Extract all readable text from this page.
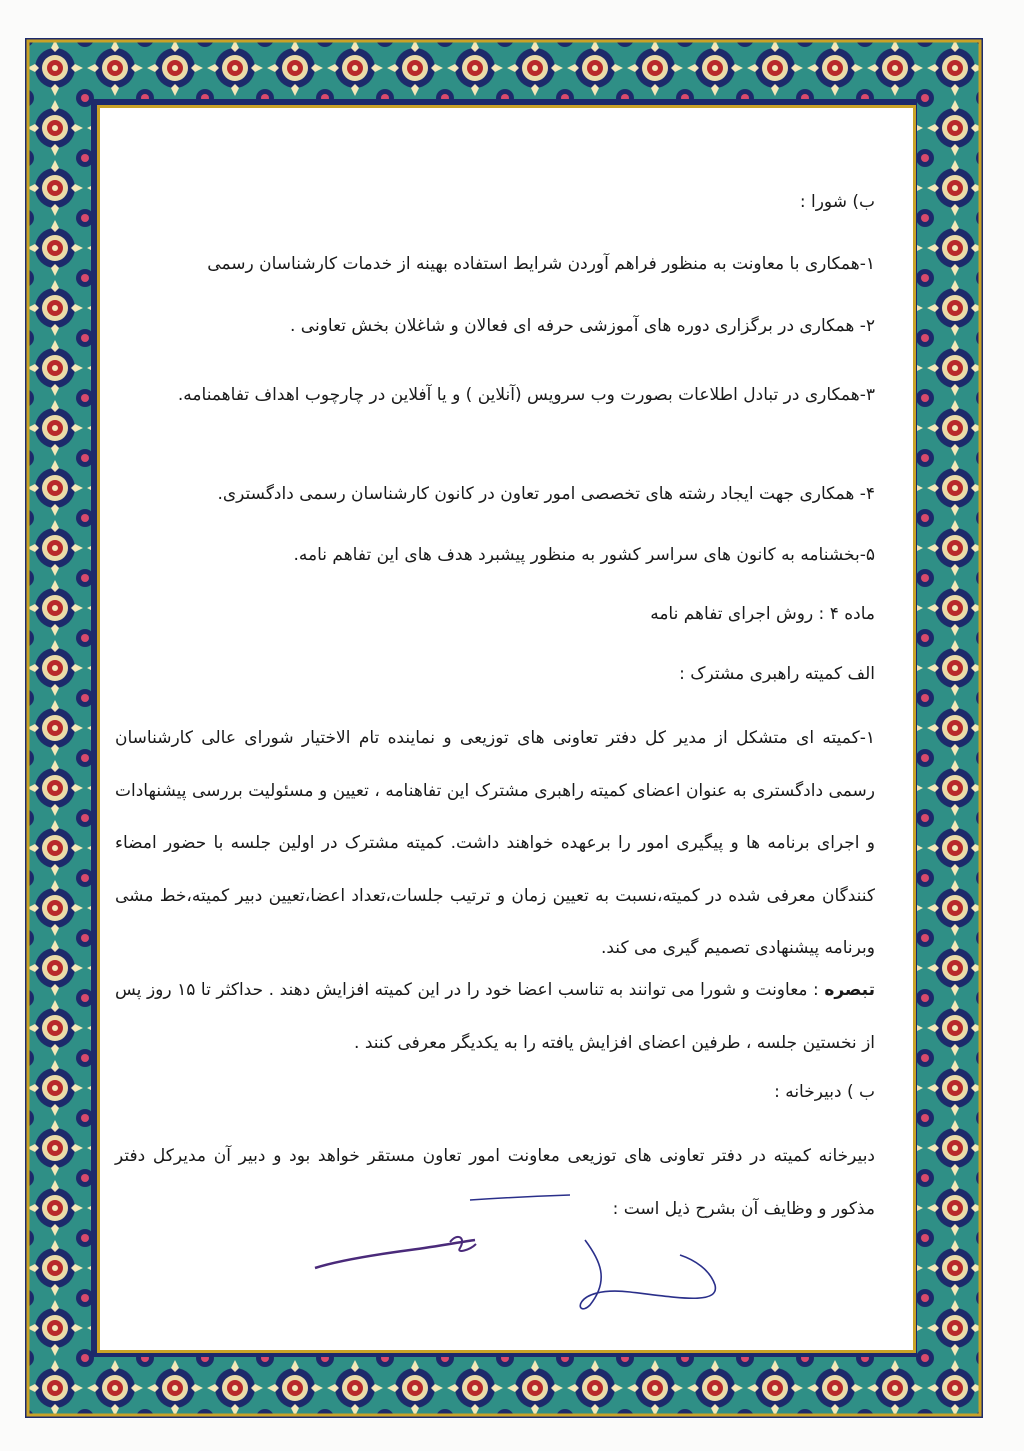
ب) شورا :
۱-همکاری با معاونت به منظور فراهم آوردن شرایط استفاده بهینه از خدمات کارشناسان رسمی
۲- همکاری در برگزاری دوره های آموزشی حرفه ای فعالان و شاغلان بخش تعاونی .
۳-همکاری در تبادل اطلاعات بصورت وب سرویس (آنلاین ) و یا آفلاین در چارچوب اهداف تفاهمنامه.
۴- همکاری جهت ایجاد رشته های تخصصی امور تعاون در کانون کارشناسان رسمی دادگستری.
۵-بخشنامه به کانون های سراسر کشور به منظور پیشبرد هدف های این تفاهم نامه.
ماده ۴ : روش اجرای تفاهم نامه
الف کمیته راهبری مشترک :
۱-کمیته ای متشکل از مدیر کل دفتر تعاونی های توزیعی و نماینده تام الاختیار شورای عالی کارشناسان رسمی دادگستری به عنوان اعضای کمیته راهبری مشترک این تفاهنامه ، تعیین و مسئولیت بررسی پیشنهادات و اجرای برنامه ها و پیگیری امور را برعهده خواهند داشت. کمیته مشترک در اولین جلسه با حضور امضاء کنندگان معرفی شده در کمیته،نسبت به تعیین زمان و ترتیب جلسات،تعداد اعضا،تعیین دبیر کمیته،خط مشی وبرنامه پیشنهادی تصمیم گیری می کند.
تبصره : معاونت و شورا می توانند به تناسب اعضا خود را در این کمیته افزایش دهند . حداکثر تا ۱۵ روز پس از نخستین جلسه ، طرفین اعضای افزایش یافته را به یکدیگر معرفی کنند .
ب ) دبیرخانه :
دبیرخانه کمیته در دفتر تعاونی های توزیعی معاونت امور تعاون مستقر خواهد بود و دبیر آن مدیرکل دفتر مذکور و وظایف آن بشرح ذیل است :
